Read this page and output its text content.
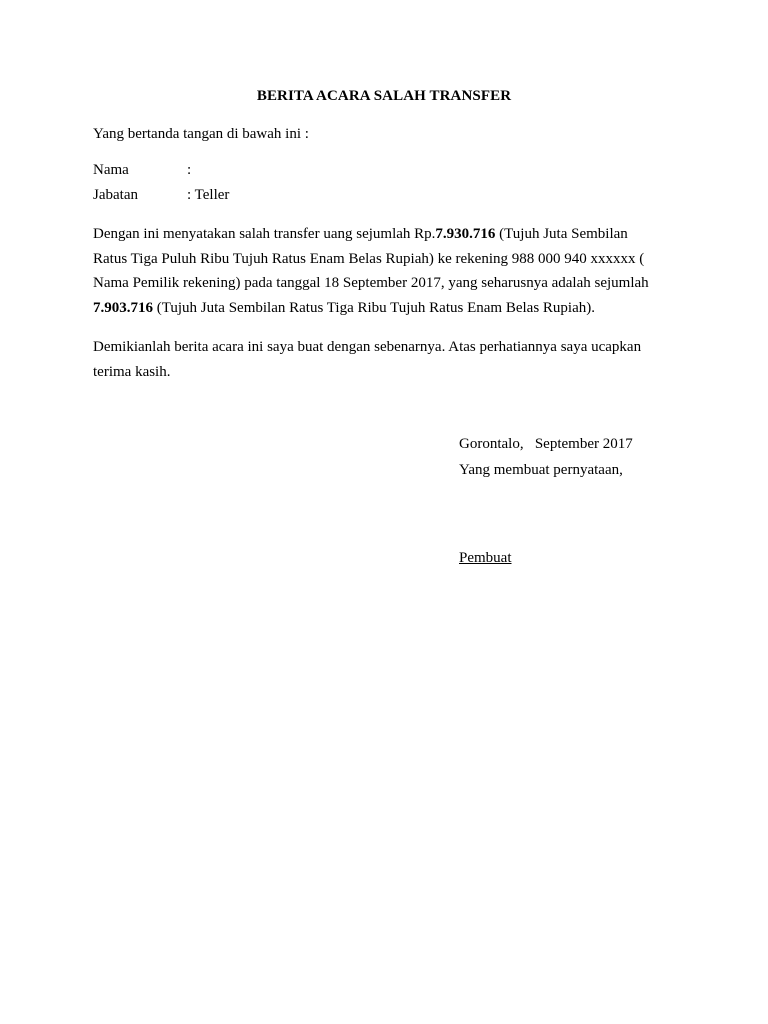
BERITA ACARA SALAH TRANSFER
Yang bertanda tangan di bawah ini :
Nama	:
Jabatan	: Teller
Dengan ini menyatakan salah transfer uang sejumlah Rp.7.930.716 (Tujuh Juta Sembilan
Ratus Tiga Puluh Ribu Tujuh Ratus Enam Belas Rupiah) ke rekening 988 000 940 xxxxxx (
Nama Pemilik rekening) pada tanggal 18 September 2017, yang seharusnya adalah sejumlah
7.903.716 (Tujuh Juta Sembilan Ratus Tiga Ribu Tujuh Ratus Enam Belas Rupiah).
Demikianlah berita acara ini saya buat dengan sebenarnya. Atas perhatiannya saya ucapkan
terima kasih.
Gorontalo,   September 2017
Yang membuat pernyataan,
Pembuat
